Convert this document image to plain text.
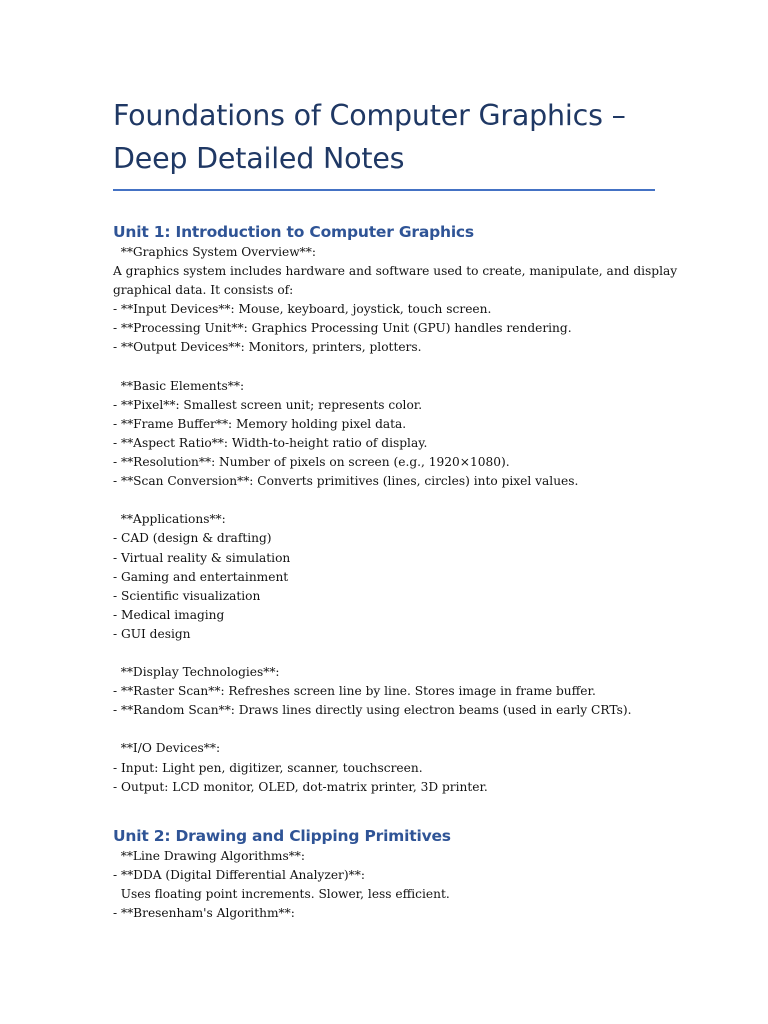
Foundations of Computer Graphics –
Deep Detailed Notes
Unit 1: Introduction to Computer Graphics

**Graphics System Overview**:

A graphics system includes hardware and software used to create, manipulate, and display

graphical data. It consists of:

- **Input Devices**: Mouse, keyboard, joystick, touch screen.

- **Processing Unit**: Graphics Processing Unit (GPU) handles rendering.

- **Output Devices**: Monitors, printers, plotters.

**Basic Elements**:

- **Pixel**: Smallest screen unit; represents color.

- **Frame Buffer**: Memory holding pixel data.

- **Aspect Ratio**: Width-to-height ratio of display.

- **Resolution**: Number of pixels on screen (e.g., 1920×1080).

- **Scan Conversion**: Converts primitives (lines, circles) into pixel values.

**Applications**:

- CAD (design & drafting)

- Virtual reality & simulation

- Gaming and entertainment

- Scientific visualization

- Medical imaging

- GUI design

**Display Technologies**:

- **Raster Scan**: Refreshes screen line by line. Stores image in frame buffer.

- **Random Scan**: Draws lines directly using electron beams (used in early CRTs).

**I/O Devices**:

- Input: Light pen, digitizer, scanner, touchscreen.

- Output: LCD monitor, OLED, dot-matrix printer, 3D printer.

Unit 2: Drawing and Clipping Primitives

**Line Drawing Algorithms**:

- **DDA (Digital Differential Analyzer)**:

Uses floating point increments. Slower, less efficient.

- **Bresenham's Algorithm**:
